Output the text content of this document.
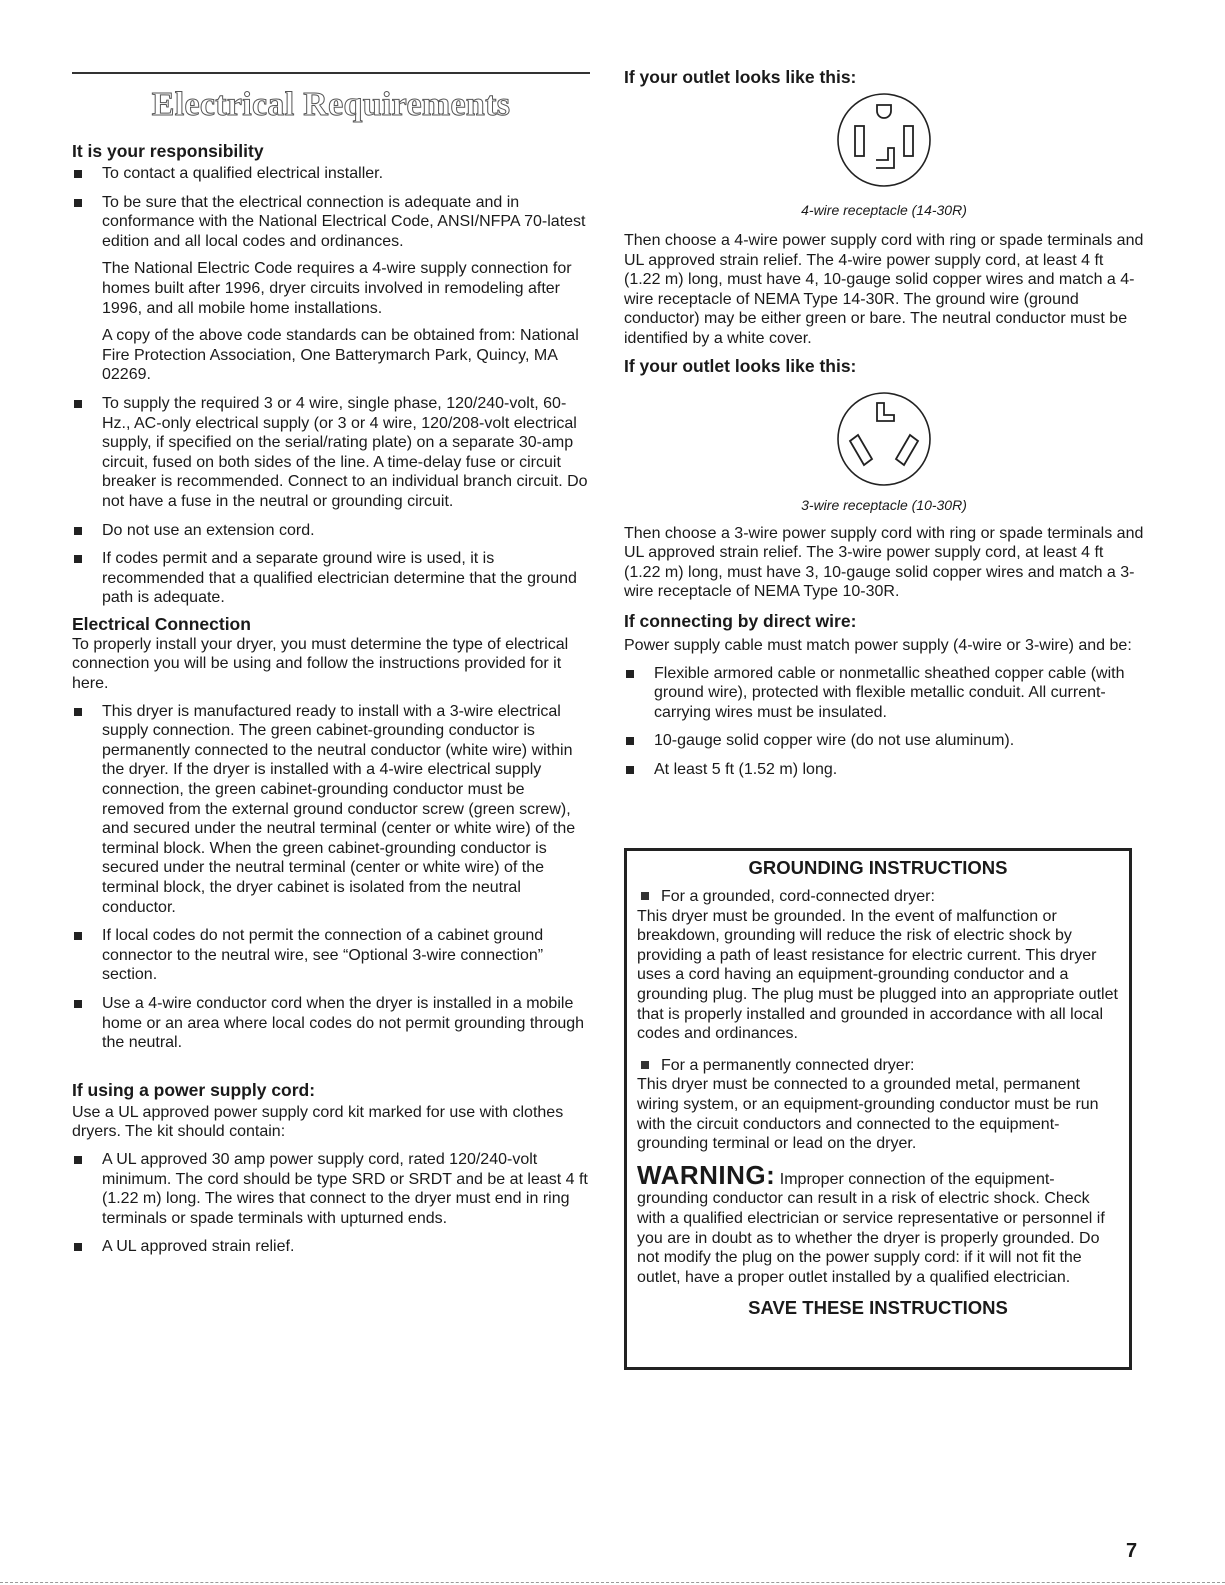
Electrical Requirements

It is your responsibility

To contact a qualified electrical installer.
To be sure that the electrical connection is adequate and in conformance with the National Electrical Code, ANSI/NFPA 70-latest edition and all local codes and ordinances.

The National Electric Code requires a 4-wire supply connection for homes built after 1996, dryer circuits involved in remodeling after 1996, and all mobile home installations.

A copy of the above code standards can be obtained from: National Fire Protection Association, One Batterymarch Park, Quincy, MA 02269.

To supply the required 3 or 4 wire, single phase, 120/240-volt, 60-Hz., AC-only electrical supply (or 3 or 4 wire, 120/208-volt electrical supply, if specified on the serial/rating plate) on a separate 30-amp circuit, fused on both sides of the line. A time-delay fuse or circuit breaker is recommended. Connect to an individual branch circuit. Do not have a fuse in the neutral or grounding circuit.
Do not use an extension cord.
If codes permit and a separate ground wire is used, it is recommended that a qualified electrician determine that the ground path is adequate.

Electrical Connection

To properly install your dryer, you must determine the type of electrical connection you will be using and follow the instructions provided for it here.

This dryer is manufactured ready to install with a 3-wire electrical supply connection. The green cabinet-grounding conductor is permanently connected to the neutral conductor (white wire) within the dryer. If the dryer is installed with a 4-wire electrical supply connection, the green cabinet-grounding conductor must be removed from the external ground conductor screw (green screw), and secured under the neutral terminal (center or white wire) of the terminal block. When the green cabinet-grounding conductor is secured under the neutral terminal (center or white wire) of the terminal block, the dryer cabinet is isolated from the neutral conductor.
If local codes do not permit the connection of a cabinet ground connector to the neutral wire, see “Optional 3-wire connection” section.
Use a 4-wire conductor cord when the dryer is installed in a mobile home or an area where local codes do not permit grounding through the neutral.

If using a power supply cord:

Use a UL approved power supply cord kit marked for use with clothes dryers. The kit should contain:

A UL approved 30 amp power supply cord, rated 120/240-volt minimum. The cord should be type SRD or SRDT and be at least 4 ft (1.22 m) long. The wires that connect to the dryer must end in ring terminals or spade terminals with upturned ends.
A UL approved strain relief.

If your outlet looks like this:

4-wire receptacle (14-30R)

Then choose a 4-wire power supply cord with ring or spade terminals and UL approved strain relief. The 4-wire power supply cord, at least 4 ft (1.22 m) long, must have 4, 10-gauge solid copper wires and match a 4-wire receptacle of NEMA Type 14-30R. The ground wire (ground conductor) may be either green or bare. The neutral conductor must be identified by a white cover.

If your outlet looks like this:

3-wire receptacle (10-30R)

Then choose a 3-wire power supply cord with ring or spade terminals and UL approved strain relief. The 3-wire power supply cord, at least 4 ft (1.22 m) long, must have 3, 10-gauge solid copper wires and match a 3-wire receptacle of NEMA Type 10-30R.

If connecting by direct wire:

Power supply cable must match power supply (4-wire or 3-wire) and be:

Flexible armored cable or nonmetallic sheathed copper cable (with ground wire), protected with flexible metallic conduit. All current-carrying wires must be insulated.
10-gauge solid copper wire (do not use aluminum).
At least 5 ft (1.52 m) long.

GROUNDING INSTRUCTIONS

For a grounded, cord-connected dryer:

This dryer must be grounded. In the event of malfunction or breakdown, grounding will reduce the risk of electric shock by providing a path of least resistance for electric current. This dryer uses a cord having an equipment-grounding conductor and a grounding plug. The plug must be plugged into an appropriate outlet that is properly installed and grounded in accordance with all local codes and ordinances.

For a permanently connected dryer:

This dryer must be connected to a grounded metal, permanent wiring system, or an equipment-grounding conductor must be run with the circuit conductors and connected to the equipment-grounding terminal or lead on the dryer.

WARNING: Improper connection of the equipment-grounding conductor can result in a risk of electric shock. Check with a qualified electrician or service representative or personnel if you are in doubt as to whether the dryer is properly grounded. Do not modify the plug on the power supply cord: if it will not fit the outlet, have a proper outlet installed by a qualified electrician.

SAVE THESE INSTRUCTIONS

7
